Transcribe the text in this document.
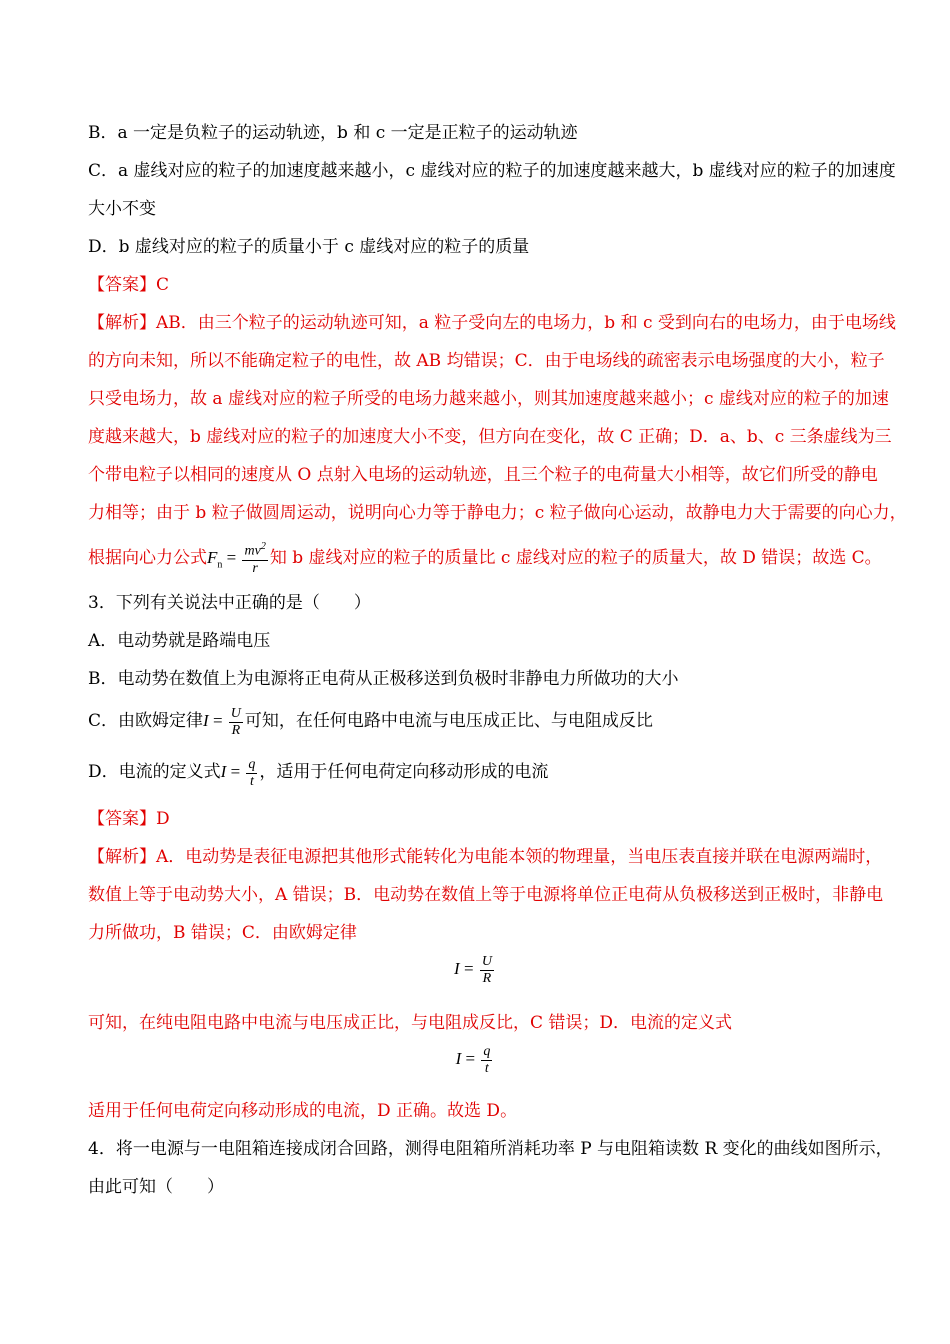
B．a 一定是负粒子的运动轨迹，b 和 c 一定是正粒子的运动轨迹
C．a 虚线对应的粒子的加速度越来越小，c 虚线对应的粒子的加速度越来越大，b 虚线对应的粒子的加速度
大小不变
D．b 虚线对应的粒子的质量小于 c 虚线对应的粒子的质量
【答案】C
【解析】AB．由三个粒子的运动轨迹可知，a 粒子受向左的电场力，b 和 c 受到向右的电场力，由于电场线
的方向未知，所以不能确定粒子的电性，故 AB 均错误；C．由于电场线的疏密表示电场强度的大小，粒子
只受电场力，故 a 虚线对应的粒子所受的电场力越来越小，则其加速度越来越小；c 虚线对应的粒子的加速
度越来越大，b 虚线对应的粒子的加速度大小不变，但方向在变化，故 C 正确；D．a、b、c 三条虚线为三
个带电粒子以相同的速度从 O 点射入电场的运动轨迹，且三个粒子的电荷量大小相等，故它们所受的静电
力相等；由于 b 粒子做圆周运动，说明向心力等于静电力；c 粒子做向心运动，故静电力大于需要的向心力，
根据向心力公式$F_n = \frac{mv^2}{r}$ 知 b 虚线对应的粒子的质量比 c 虚线对应的粒子的质量大，故 D 错误；故选 C。
3．下列有关说法中正确的是（　　）
A．电动势就是路端电压
B．电动势在数值上为电源将正电荷从正极移送到负极时非静电力所做功的大小
C．由欧姆定律$I = \frac{U}{R}$ 可知，在任何电路中电流与电压成正比、与电阻成反比
D．电流的定义式$I = \frac{q}{t}$ ，适用于任何电荷定向移动形成的电流
【答案】D
【解析】A．电动势是表征电源把其他形式能转化为电能本领的物理量，当电压表直接并联在电源两端时，
数值上等于电动势大小，A 错误；B．电动势在数值上等于电源将单位正电荷从负极移送到正极时，非静电
力所做功，B 错误；C．由欧姆定律
$I = \frac{U}{R}$
可知，在纯电阻电路中电流与电压成正比，与电阻成反比，C 错误；D．电流的定义式
$I = \frac{q}{t}$
适用于任何电荷定向移动形成的电流，D 正确。故选 D。
4．将一电源与一电阻箱连接成闭合回路，测得电阻箱所消耗功率 P 与电阻箱读数 R 变化的曲线如图所示，
由此可知（　　）
